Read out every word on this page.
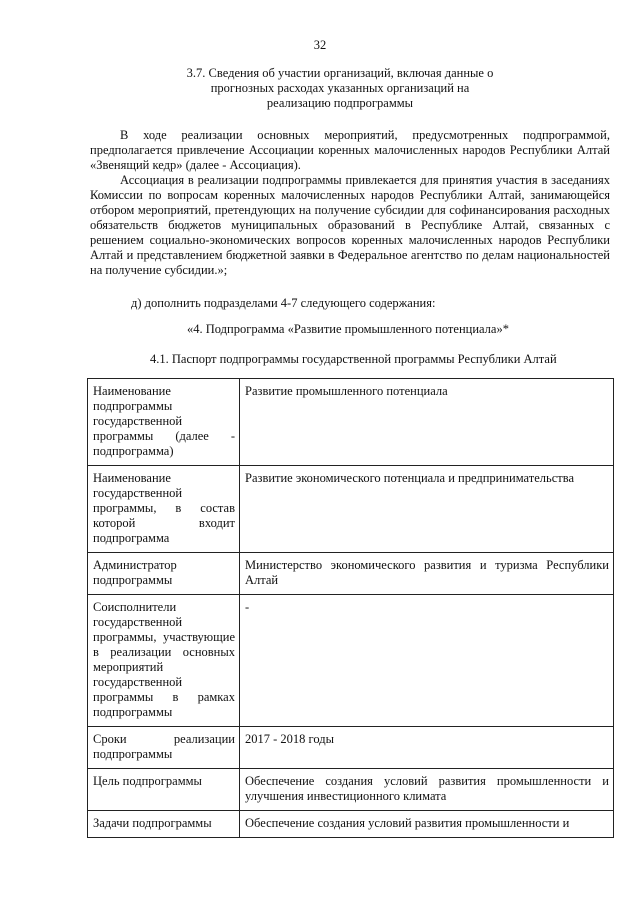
32
3.7. Сведения об участии организаций, включая данные о
прогнозных расходах указанных организаций на
реализацию подпрограммы

В ходе реализации основных мероприятий, предусмотренных подпрограммой, предполагается привлечение Ассоциации коренных малочисленных народов Республики Алтай «Звенящий кедр» (далее - Ассоциация).

Ассоциация в реализации подпрограммы привлекается для принятия участия в заседаниях Комиссии по вопросам коренных малочисленных народов Республики Алтай, занимающейся отбором мероприятий, претендующих на получение субсидии для софинансирования расходных обязательств бюджетов муниципальных образований в Республике Алтай, связанных с решением социально-экономических вопросов коренных малочисленных народов Республики Алтай и представлением бюджетной заявки в Федеральное агентство по делам национальностей на получение субсидии.»;

д) дополнить подразделами 4-7 следующего содержания:
«4. Подпрограмма «Развитие промышленного потенциала»*
4.1. Паспорт подпрограммы государственной программы Республики Алтай
Наименование подпрограммы государственной программы (далее - подпрограмма)	Развитие промышленного потенциала
Наименование государственной программы, в состав которой входит подпрограмма	Развитие экономического потенциала и предпринимательства
Администратор подпрограммы	Министерство экономического развития и туризма Республики Алтай
Соисполнители государственной программы, участвующие в реализации основных мероприятий государственной программы в рамках подпрограммы	-
Сроки реализации подпрограммы	2017 - 2018 годы
Цель подпрограммы	Обеспечение создания условий развития промышленности и улучшения инвестиционного климата
Задачи подпрограммы	Обеспечение создания условий развития промышленности и
